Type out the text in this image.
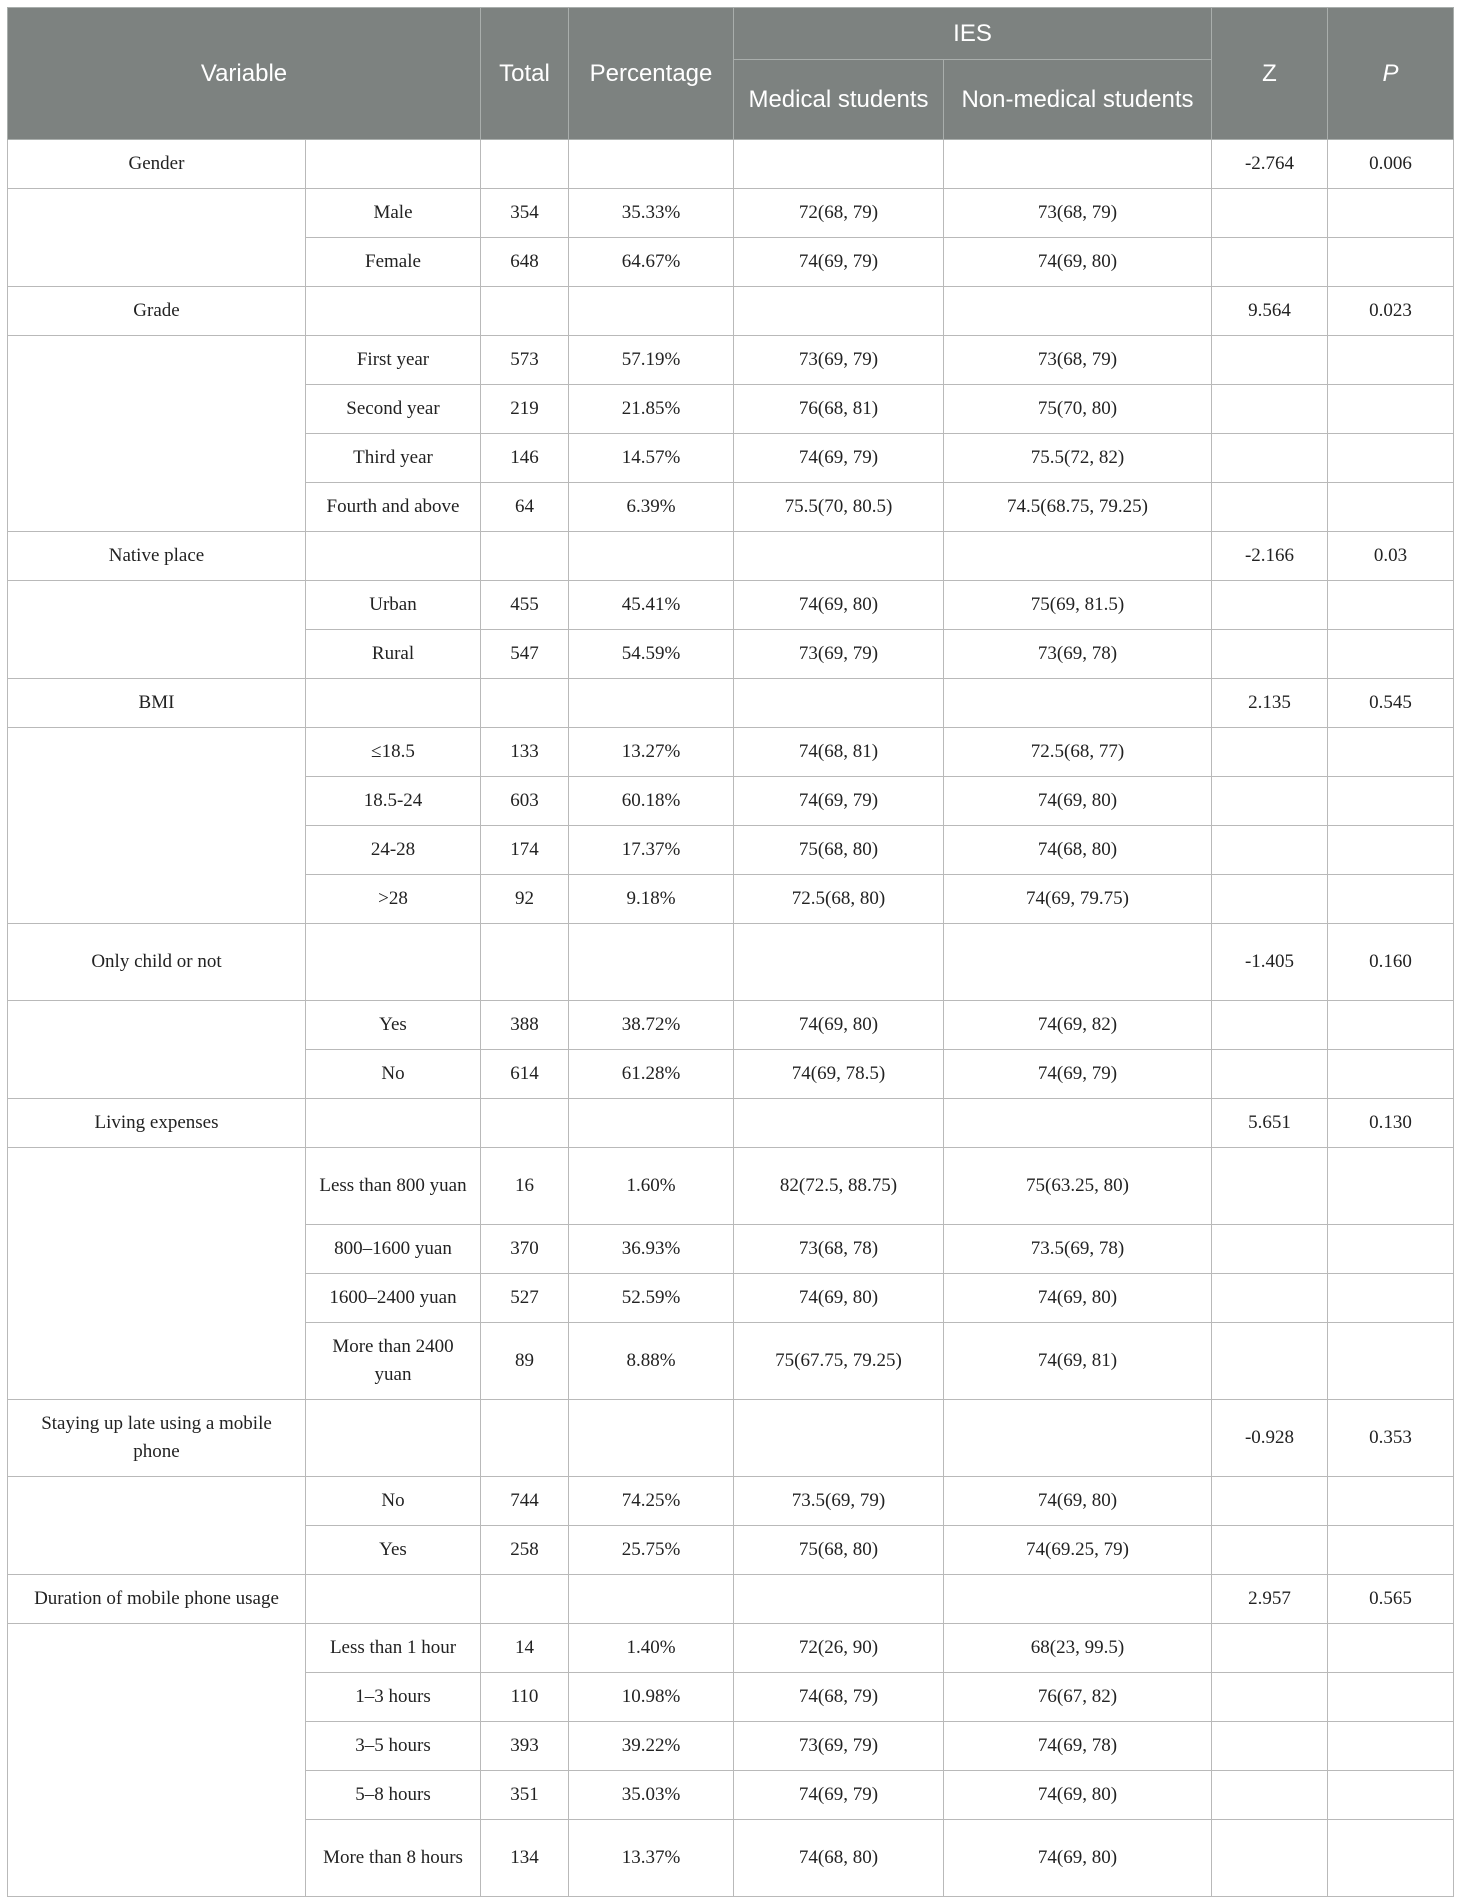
Variable		Total	Percentage	IES		Z	P
				Medical students	Non-medical students		
Gender						-2.764	0.006
	Male	354	35.33%	72(68, 79)	73(68, 79)		
	Female	648	64.67%	74(69, 79)	74(69, 80)		
Grade						9.564	0.023
	First year	573	57.19%	73(69, 79)	73(68, 79)		
	Second year	219	21.85%	76(68, 81)	75(70, 80)		
	Third year	146	14.57%	74(69, 79)	75.5(72, 82)		
	Fourth and above	64	6.39%	75.5(70, 80.5)	74.5(68.75, 79.25)		
Native place						-2.166	0.03
	Urban	455	45.41%	74(69, 80)	75(69, 81.5)		
	Rural	547	54.59%	73(69, 79)	73(69, 78)		
BMI						2.135	0.545
	≤18.5	133	13.27%	74(68, 81)	72.5(68, 77)		
	18.5-24	603	60.18%	74(69, 79)	74(69, 80)		
	24-28	174	17.37%	75(68, 80)	74(68, 80)		
	>28	92	9.18%	72.5(68, 80)	74(69, 79.75)		
Only child or not						-1.405	0.160
	Yes	388	38.72%	74(69, 80)	74(69, 82)		
	No	614	61.28%	74(69, 78.5)	74(69, 79)		
Living expenses						5.651	0.130
	Less than 800 yuan	16	1.60%	82(72.5, 88.75)	75(63.25, 80)		
	800–1600 yuan	370	36.93%	73(68, 78)	73.5(69, 78)		
	1600–2400 yuan	527	52.59%	74(69, 80)	74(69, 80)		
	More than 2400 yuan	89	8.88%	75(67.75, 79.25)	74(69, 81)		
Staying up late using a mobile phone						-0.928	0.353
	No	744	74.25%	73.5(69, 79)	74(69, 80)		
	Yes	258	25.75%	75(68, 80)	74(69.25, 79)		
Duration of mobile phone usage						2.957	0.565
	Less than 1 hour	14	1.40%	72(26, 90)	68(23, 99.5)		
	1–3 hours	110	10.98%	74(68, 79)	76(67, 82)		
	3–5 hours	393	39.22%	73(69, 79)	74(69, 78)		
	5–8 hours	351	35.03%	74(69, 79)	74(69, 80)		
	More than 8 hours	134	13.37%	74(68, 80)	74(69, 80)		
